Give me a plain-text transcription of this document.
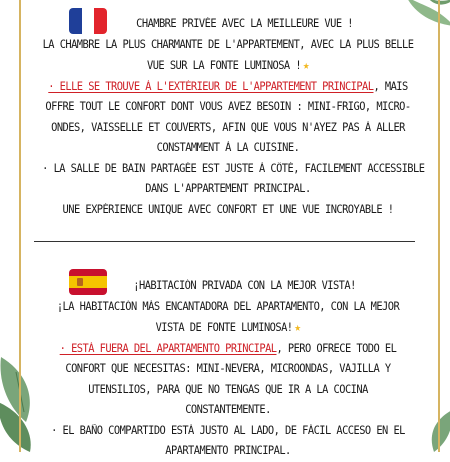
CHAMBRE PRIVÉE AVEC LA MEILLEURE VUE !
LA CHAMBRE LA PLUS CHARMANTE DE L'APPARTEMENT, AVEC LA PLUS BELLE
VUE SUR LA FONTE LUMINOSA ! ★
· ELLE SE TROUVE À L'EXTÉRIEUR DE L'APPARTEMENT PRINCIPAL, MAIS
OFFRE TOUT LE CONFORT DONT VOUS AVEZ BESOIN : MINI-FRIGO, MICRO-
ONDES, VAISSELLE ET COUVERTS, AFIN QUE VOUS N'AYEZ PAS À ALLER
CONSTAMMENT À LA CUISINE.
· LA SALLE DE BAIN PARTAGÉE EST JUSTE À CÔTÉ, FACILEMENT ACCESSIBLE
DANS L'APPARTEMENT PRINCIPAL.
UNE EXPÉRIENCE UNIQUE AVEC CONFORT ET UNE VUE INCROYABLE !
¡HABITACIÓN PRIVADA CON LA MEJOR VISTA!
¡LA HABITACIÓN MÁS ENCANTADORA DEL APARTAMENTO, CON LA MEJOR
VISTA DE FONTE LUMINOSA! ★
· ESTÁ FUERA DEL APARTAMENTO PRINCIPAL, PERO OFRECE TODO EL
CONFORT QUE NECESITAS: MINI-NEVERA, MICROONDAS, VAJILLA Y
UTENSILIOS, PARA QUE NO TENGAS QUE IR A LA COCINA
CONSTANTEMENTE.
· EL BAÑO COMPARTIDO ESTÁ JUSTO AL LADO, DE FÁCIL ACCESO EN EL
APARTAMENTO PRINCIPAL.
